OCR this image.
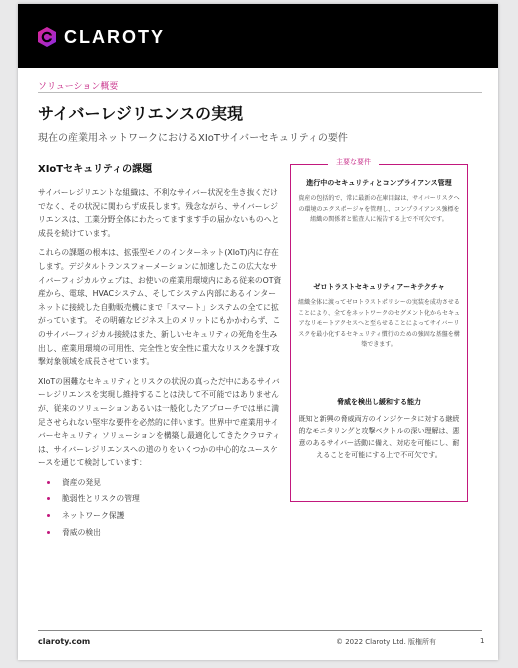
CLAROTY
ソリューション概要
サイバーレジリエンスの実現
現在の産業用ネットワークにおけるXIoTサイバーセキュリティの要件
XIoTセキュリティの課題

サイバーレジリエントな組織は、不利なサイバー状況を生き抜くだけでなく、その状況に関わらず成長します。残念ながら、サイバーレジリエンスは、工業分野全体にわたってますます手の届かないものへと成長を続けています。

これらの課題の根本は、拡張型モノのインターネット(XIoT)内に存在します。デジタルトランスフォーメーションに加速したこの広大なサイバーフィジカルウェブは、お使いの産業用環境内にある従来のOT資産から、電球、HVACシステム、そしてシステム内部にあるインターネットに接続した自動販売機にまで「スマート」システムの全てに拡がっています。 その明確なビジネス上のメリットにもかかわらず、このサイバーフィジカル接続はまた、新しいセキュリティの死角を生み出し、産業用環境の可用性、完全性と安全性に重大なリスクを課す攻撃対象領域を成長させています。

XIoTの困難なセキュリティとリスクの状況の真っただ中にあるサイバーレジリエンスを実現し維持することは決して不可能ではありませんが、従来のソリューションあるいは一般化したアプローチでは単に満足させられない堅牢な要件を必然的に伴います。世界中で産業用サイバーセキュリティ ソリューションを構築し最適化してきたクラロティは、サイバーレジリエンスへの道のりをいくつかの中心的なユースケースを通じて検討しています：

資産の発見
脆弱性とリスクの管理
ネットワーク保護
脅威の検出
主要な要件
進行中のセキュリティとコンプライアンス管理
資産の包括的で、常に最新の在庫目録は、サイバーリスクへの環境のエクスポージャを管理し、コンプライアンス強標を組織の関係者と監査人に報告する上で不可欠です。
ゼロトラストセキュリティアーキテクチャ
組織全体に渡ってゼロトラストポリシーの実装を成功させることにより、全てをネットワークのセグメント化からセキュアなリモートアクセスへと至らせることによってサイバーリスクを最小化するセキュリティ慣行のための強固な基盤を構築できます。
脅威を検出し緩和する能力
既知と新興の脅威両方のインジケータに対する継続的なモニタリングと攻撃ベクトルの深い理解は、悪意のあるサイバー活動に備え、対応を可能にし、耐えることを可能にする上で不可欠です。
claroty.com	© 2022 Claroty Ltd. 版権所有	1
